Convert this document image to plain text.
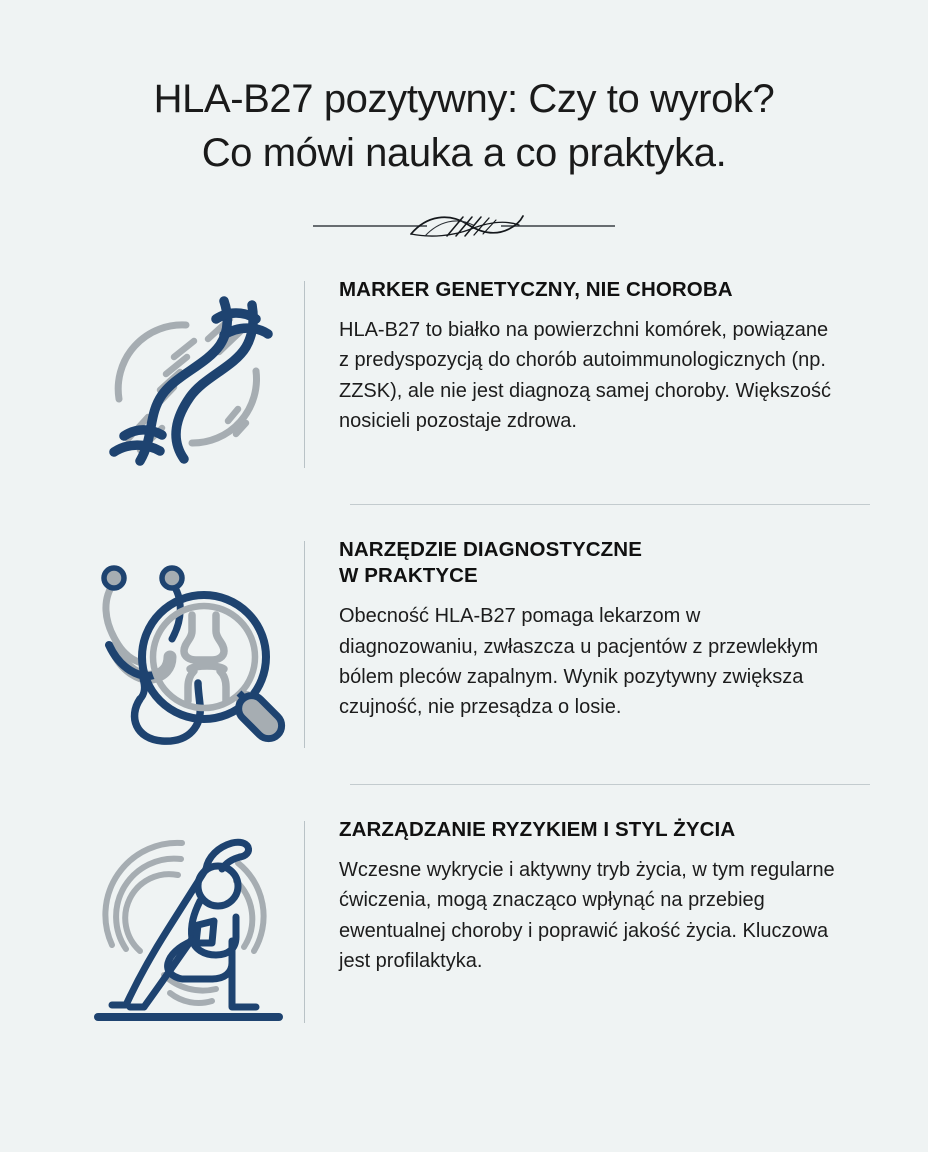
HLA-B27 pozytywny: Czy to wyrok?
Co mówi nauka a co praktyka.
MARKER GENETYCZNY, NIE CHOROBA

HLA-B27 to białko na powierzchni komórek, powiązane z predyspozycją do chorób autoimmunologicznych (np. ZZSK), ale nie jest diagnozą samej choroby. Większość nosicieli pozostaje zdrowa.

NARZĘDZIE DIAGNOSTYCZNE
W PRAKTYCE

Obecność HLA-B27 pomaga lekarzom w diagnozowaniu, zwłaszcza u pacjentów z przewlekłym bólem pleców zapalnym. Wynik pozytywny zwiększa czujność, nie przesądza o losie.

ZARZĄDZANIE RYZYKIEM I STYL ŻYCIA

Wczesne wykrycie i aktywny tryb życia, w tym regularne ćwiczenia, mogą znacząco wpłynąć na przebieg ewentualnej choroby i poprawić jakość życia. Kluczowa jest profilaktyka.
